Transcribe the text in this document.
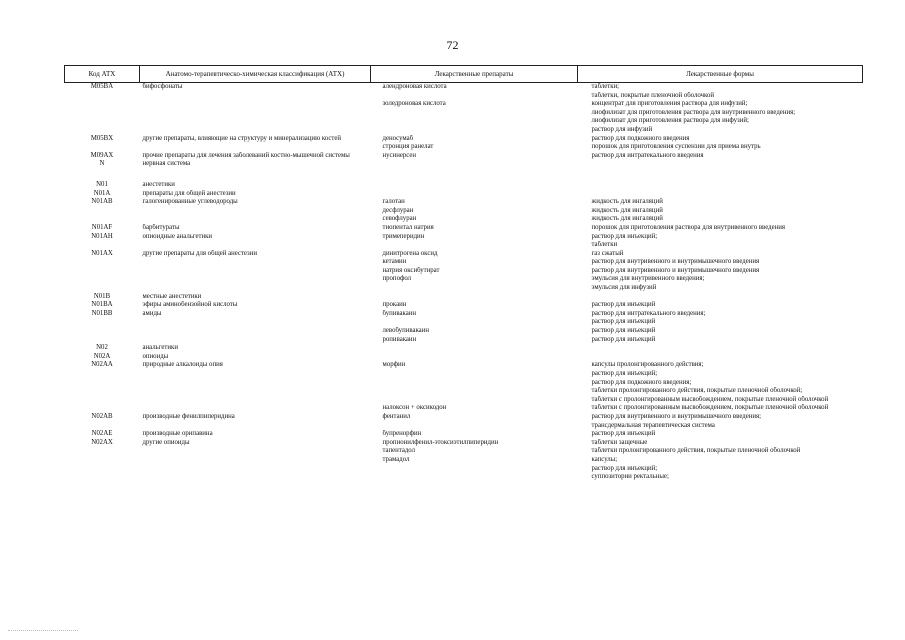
72
Код АТХ	Анатомо-терапевтическо-химическая классификация (АТХ)	Лекарственные препараты	Лекарственные формы
M05BA	бифосфонаты	алендроновая кислота	таблетки;
			таблетки, покрытые пленочной оболочкой
		золедроновая кислота	концентрат для приготовления раствора для инфузий;
			лиофилизат для приготовления раствора для внутривенного введения;
			лиофилизат для приготовления раствора для инфузий;
			раствор для инфузий
M05BX	другие препараты, влияющие на структуру и минерализацию костей	деносумаб	раствор для подкожного введения
		стронция ранелат	порошок для приготовления суспензии для приема внутрь
M09AX	прочие препараты для лечения заболеваний костно-мышечной системы	нусинерсен	раствор для интратекального введения
N	нервная система		

N01	анестетики		
N01A	препараты для общей анестезии		
N01AB	галогенированные углеводороды	галотан	жидкость для ингаляций
		десфлуран	жидкость для ингаляций
		севофлуран	жидкость для ингаляций
N01AF	барбитураты	тиопентал натрия	порошок для приготовления раствора для внутривенного введения
N01AH	опиоидные анальгетики	тримеперидин	раствор для инъекций;
			таблетки
N01AX	другие препараты для общей анестезии	динитрогена оксид	газ сжатый
		кетамин	раствор для внутривенного и внутримышечного введения
		натрия оксибутират	раствор для внутривенного и внутримышечного введения
		пропофол	эмульсия для внутривенного введения;
			эмульсия для инфузий
N01B	местные анестетики		
N01BA	эфиры аминобензойной кислоты	прокаин	раствор для инъекций
N01BB	амиды	бупивакаин	раствор для интратекального введения;
			раствор для инъекций
		левобупивакаин	раствор для инъекций
		ропивакаин	раствор для инъекций
N02	анальгетики		
N02A	опиоиды		
N02AA	природные алкалоиды опия	морфин	капсулы пролонгированного действия;
			раствор для инъекций;
			раствор для подкожного введения;
			таблетки пролонгированного действия, покрытые пленочной оболочкой;
			таблетки с пролонгированным высвобождением, покрытые пленочной оболочкой
		налоксон + оксикодон	таблетки с пролонгированным высвобождением, покрытые пленочной оболочкой
N02AB	производные фенилпиперидина	фентанил	раствор для внутривенного и внутримышечного введения;
			трансдермальная терапевтическая система
N02AE	производные орипавина	бупренорфин	раствор для инъекций
N02AX	другие опиоиды	пропионилфенил-этоксиэтилпиперидин	таблетки защечные
		тапентадол	таблетки пролонгированного действия, покрытые пленочной оболочкой
		трамадол	капсулы;
			раствор для инъекций;
			суппозитории ректальные;
